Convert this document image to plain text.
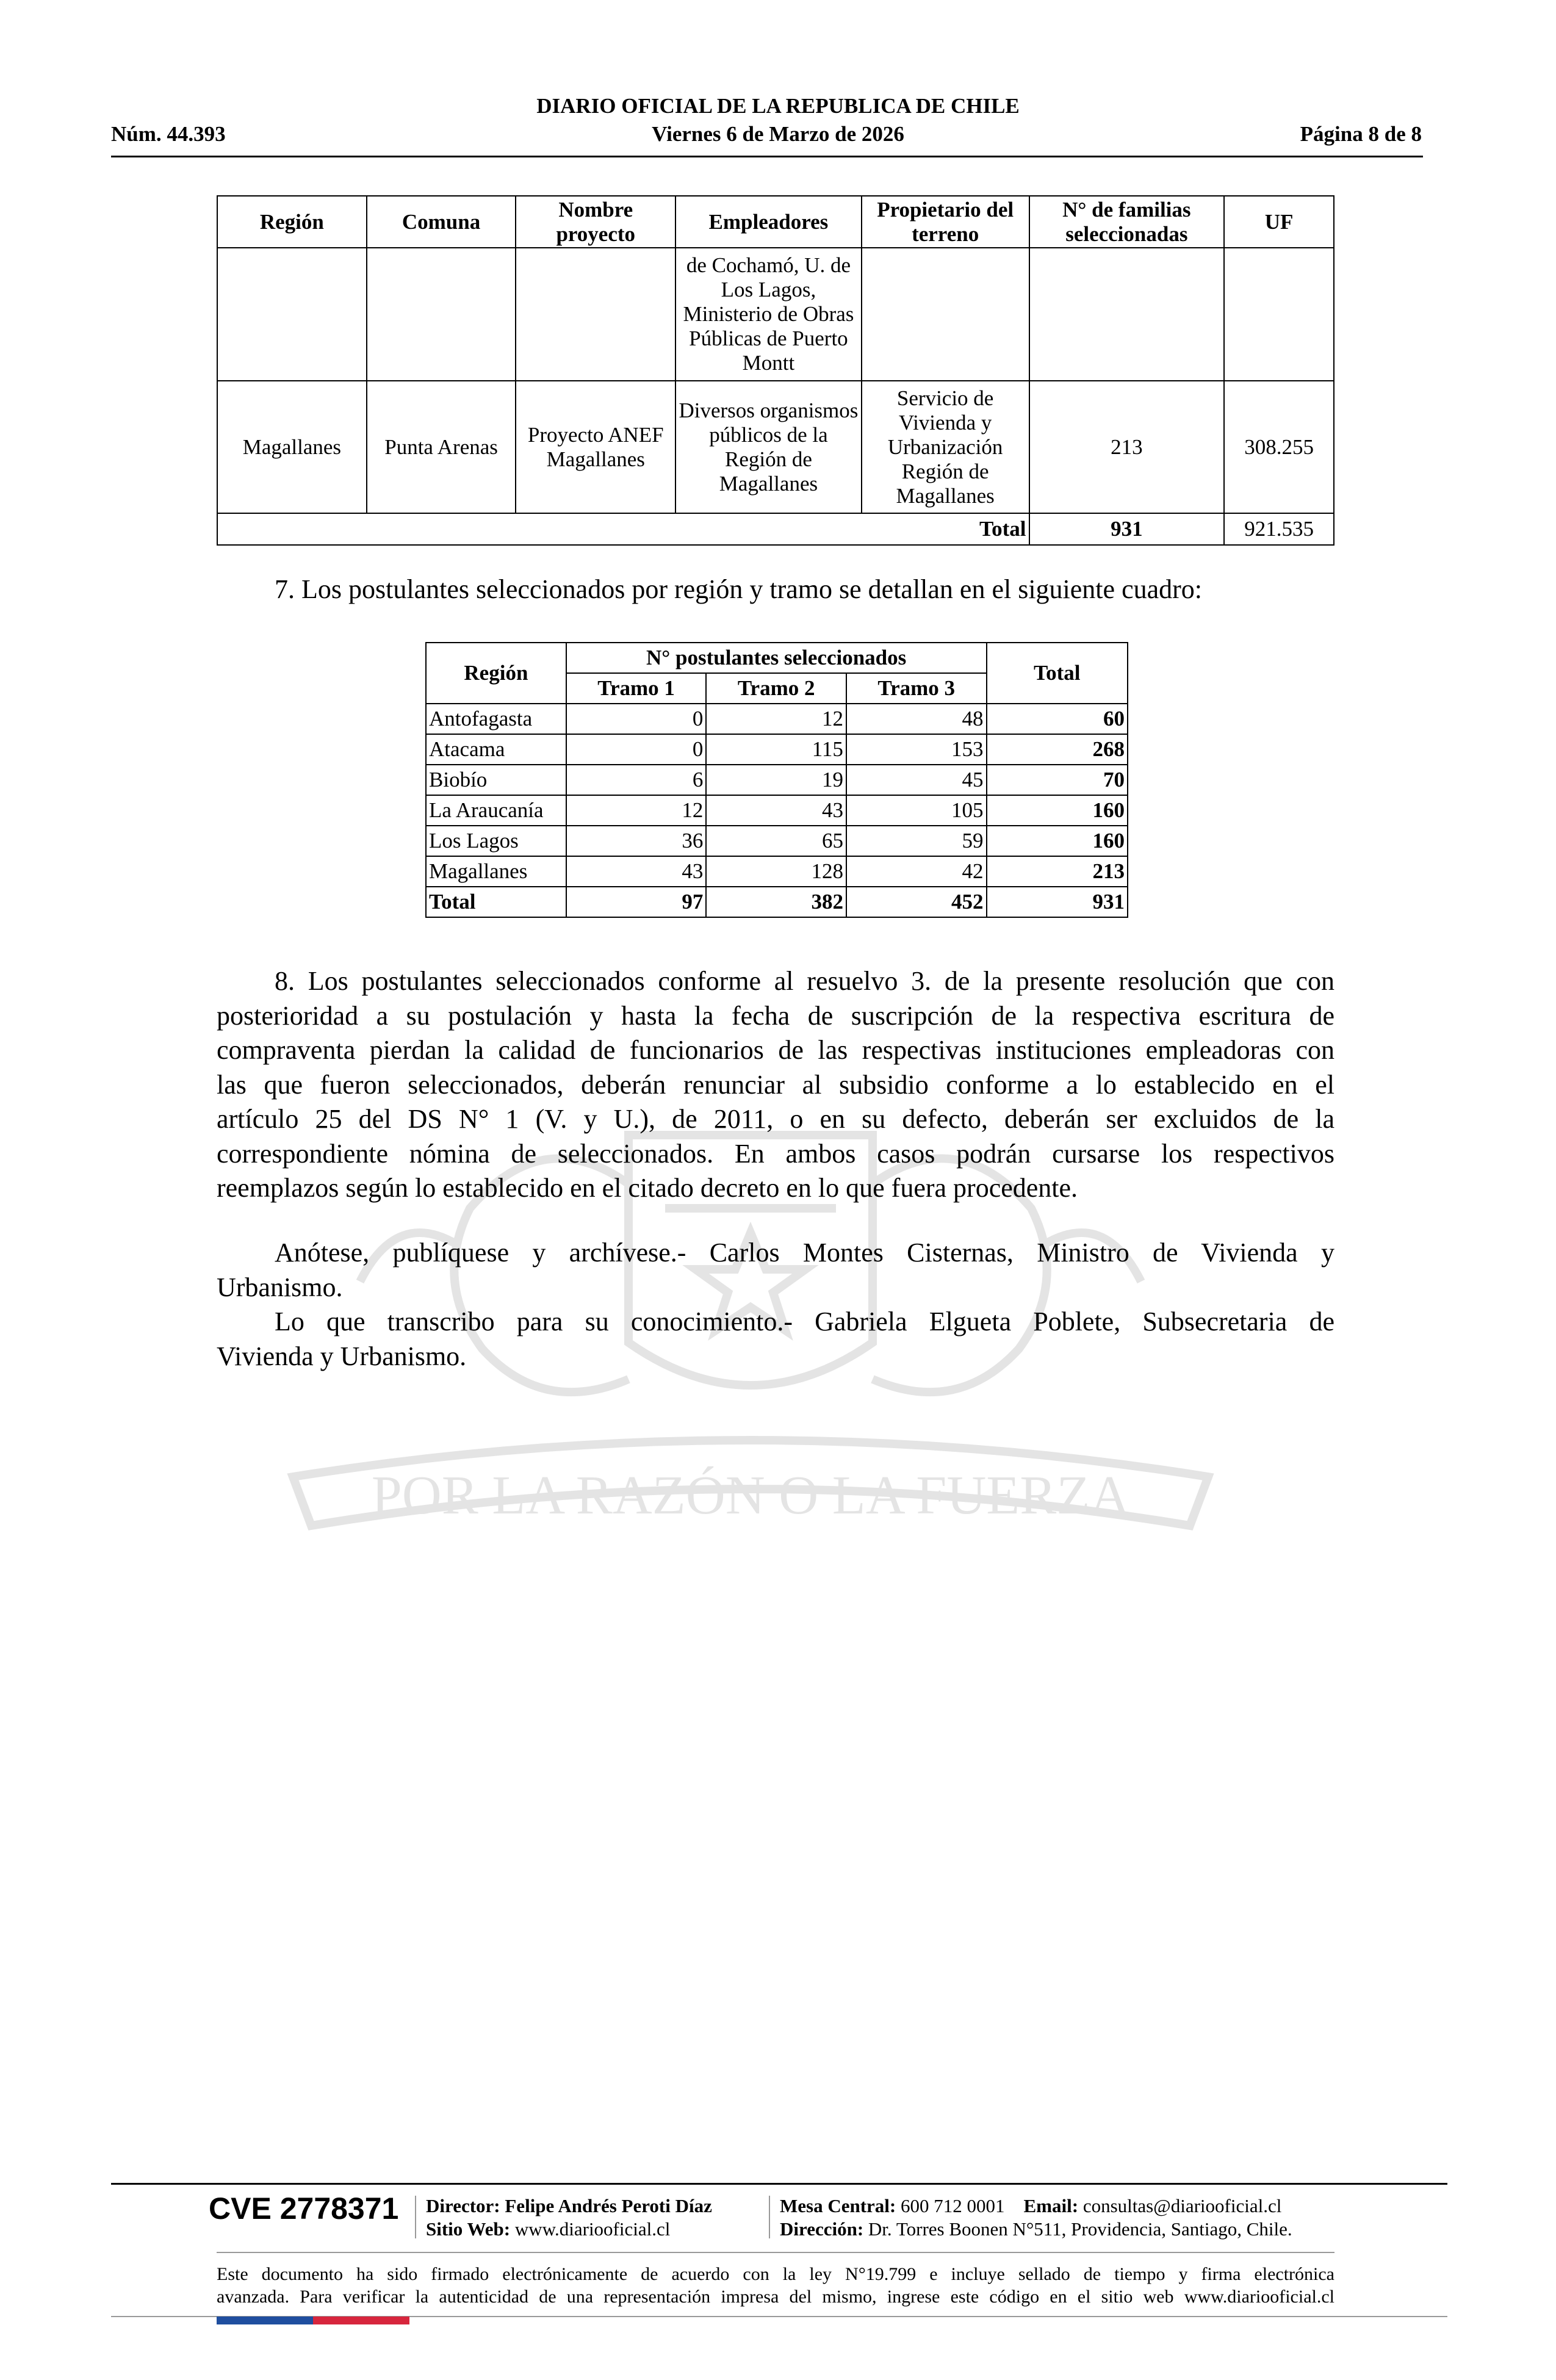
DIARIO OFICIAL DE LA REPUBLICA DE CHILE
Núm. 44.393	Viernes 6 de Marzo de 2026	Página 8 de 8
POR LA RAZÓN O LA FUERZA
Región	Comuna	Nombre proyecto	Empleadores	Propietario del terreno	N° de familias seleccionadas	UF
			de Cochamó, U. de Los Lagos, Ministerio de Obras Públicas de Puerto Montt			
Magallanes	Punta Arenas	Proyecto ANEF Magallanes	Diversos organismos públicos de la Región de Magallanes	Servicio de Vivienda y Urbanización Región de Magallanes	213	308.255
Total					931	921.535
7. Los postulantes seleccionados por región y tramo se detallan en el siguiente cuadro:
Región	N° postulantes seleccionados			Total
	Tramo 1	Tramo 2	Tramo 3	
Antofagasta	0	12	48	60
Atacama	0	115	153	268
Biobío	6	19	45	70
La Araucanía	12	43	105	160
Los Lagos	36	65	59	160
Magallanes	43	128	42	213
Total	97	382	452	931
8. Los postulantes seleccionados conforme al resuelvo 3. de la presente resolución que con
posterioridad a su postulación y hasta la fecha de suscripción de la respectiva escritura de
compraventa pierdan la calidad de funcionarios de las respectivas instituciones empleadoras con
las que fueron seleccionados, deberán renunciar al subsidio conforme a lo establecido en el
artículo 25 del DS N° 1 (V. y U.), de 2011, o en su defecto, deberán ser excluidos de la
correspondiente nómina de seleccionados. En ambos casos podrán cursarse los respectivos
reemplazos según lo establecido en el citado decreto en lo que fuera procedente.
Anótese, publíquese y archívese.- Carlos Montes Cisternas, Ministro de Vivienda y
Urbanismo.
Lo que transcribo para su conocimiento.- Gabriela Elgueta Poblete, Subsecretaria de
Vivienda y Urbanismo.
CVE 2778371 Director: Felipe Andrés Peroti Díaz
Sitio Web: www.diariooficial.cl
Mesa Central: 600 712 0001 Email: consultas@diariooficial.cl
Dirección: Dr. Torres Boonen N°511, Providencia, Santiago, Chile.
Este documento ha sido firmado electrónicamente de acuerdo con la ley N°19.799 e incluye sellado de tiempo y firma electrónica
avanzada. Para verificar la autenticidad de una representación impresa del mismo, ingrese este código en el sitio web www.diariooficial.cl
